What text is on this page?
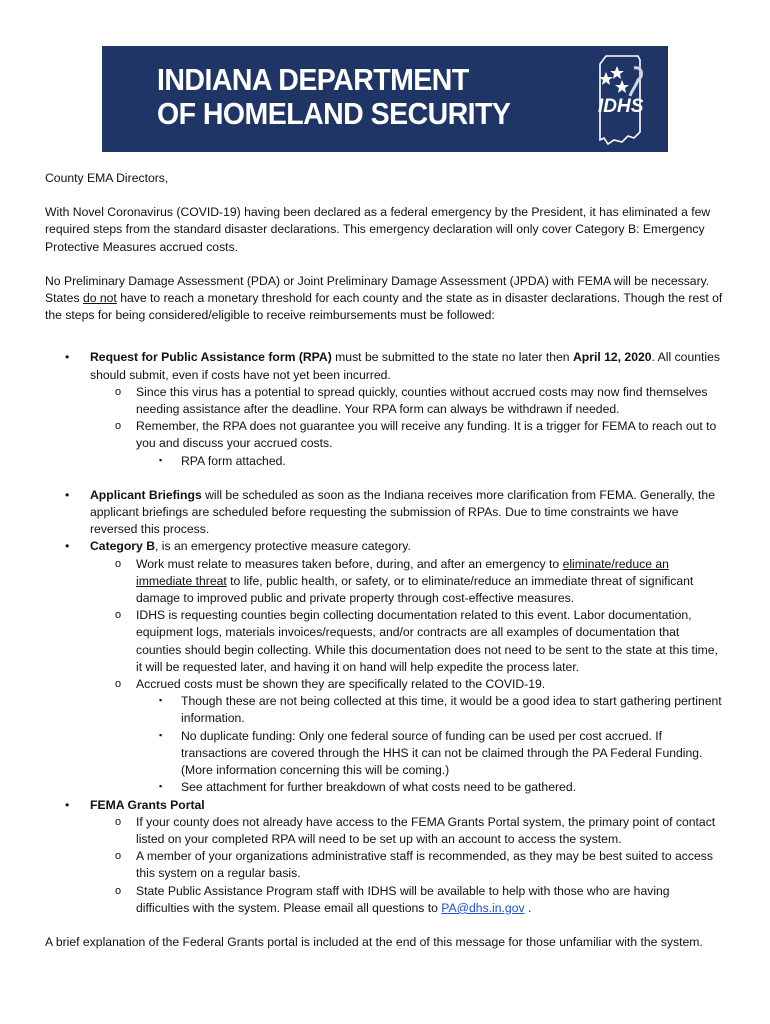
INDIANA DEPARTMENT
OF HOMELAND SECURITY	IDHS

County EMA Directors,

With Novel Coronavirus (COVID-19) having been declared as a federal emergency by the President, it has eliminated a few required steps from the standard disaster declarations. This emergency declaration will only cover Category B: Emergency Protective Measures accrued costs.

No Preliminary Damage Assessment (PDA) or Joint Preliminary Damage Assessment (JPDA) with FEMA will be necessary. States do not have to reach a monetary threshold for each county and the state as in disaster declarations. Though the rest of the steps for being considered/eligible to receive reimbursements must be followed:

• Request for Public Assistance form (RPA) must be submitted to the state no later then April 12, 2020. All counties should submit, even if costs have not yet been incurred.
o Since this virus has a potential to spread quickly, counties without accrued costs may now find themselves needing assistance after the deadline. Your RPA form can always be withdrawn if needed.
o Remember, the RPA does not guarantee you will receive any funding. It is a trigger for FEMA to reach out to you and discuss your accrued costs.
▪ RPA form attached.
• Applicant Briefings will be scheduled as soon as the Indiana receives more clarification from FEMA. Generally, the applicant briefings are scheduled before requesting the submission of RPAs. Due to time constraints we have reversed this process.
• Category B, is an emergency protective measure category.
o Work must relate to measures taken before, during, and after an emergency to eliminate/reduce an immediate threat to life, public health, or safety, or to eliminate/reduce an immediate threat of significant damage to improved public and private property through cost-effective measures.
o IDHS is requesting counties begin collecting documentation related to this event. Labor documentation, equipment logs, materials invoices/requests, and/or contracts are all examples of documentation that counties should begin collecting. While this documentation does not need to be sent to the state at this time, it will be requested later, and having it on hand will help expedite the process later.
o Accrued costs must be shown they are specifically related to the COVID-19.
▪ Though these are not being collected at this time, it would be a good idea to start gathering pertinent information.
▪ No duplicate funding: Only one federal source of funding can be used per cost accrued. If transactions are covered through the HHS it can not be claimed through the PA Federal Funding. (More information concerning this will be coming.)
▪ See attachment for further breakdown of what costs need to be gathered.
• FEMA Grants Portal
o If your county does not already have access to the FEMA Grants Portal system, the primary point of contact listed on your completed RPA will need to be set up with an account to access the system.
o A member of your organizations administrative staff is recommended, as they may be best suited to access this system on a regular basis.
o State Public Assistance Program staff with IDHS will be available to help with those who are having difficulties with the system. Please email all questions to PA@dhs.in.gov .

A brief explanation of the Federal Grants portal is included at the end of this message for those unfamiliar with the system.
